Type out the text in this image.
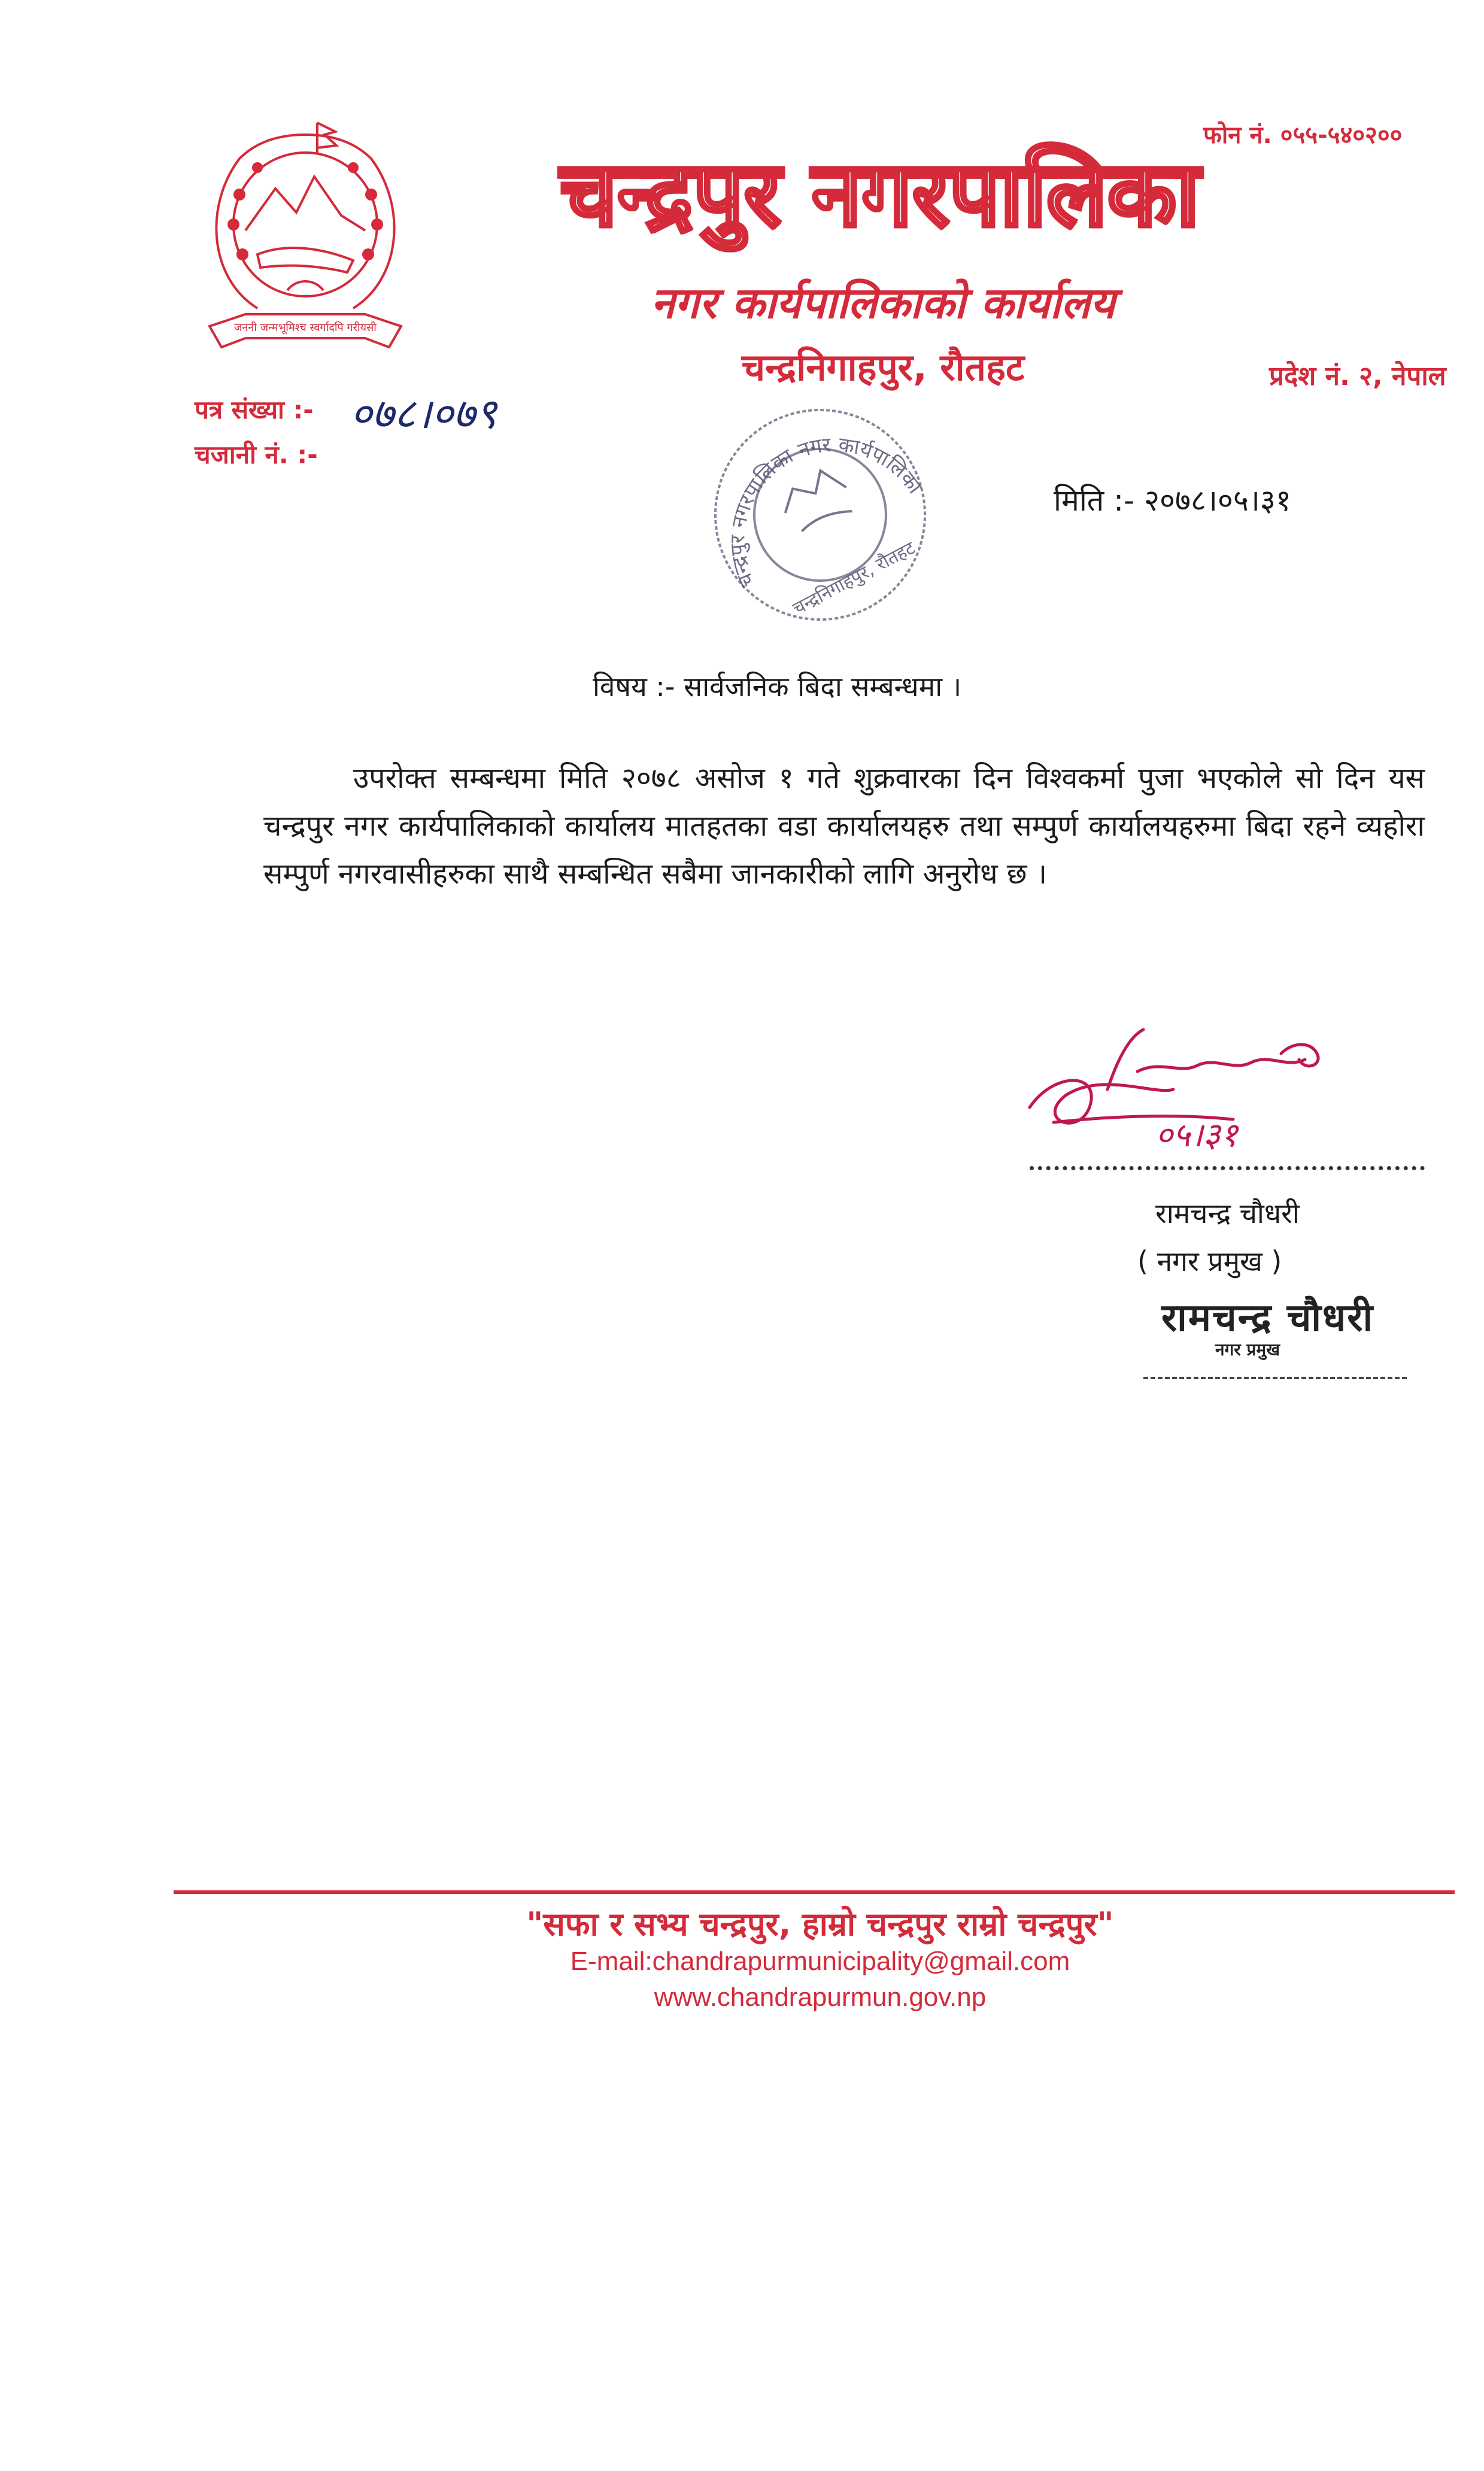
जननी जन्मभूमिश्च स्वर्गादपि गरीयसी
फोन नं. ०५५-५४०२००
चन्द्रपुर नगरपालिका
नगर कार्यपालिकाको कार्यालय
चन्द्रनिगाहपुर, रौतहट	प्रदेश नं. २, नेपाल
पत्र संख्या :- ०७८।०७९
चजानी नं. :-
चन्द्रपुर नगरपालिका नगर कार्यपालिकाको
चन्द्रनिगाहपुर, रौतहट
मिति :- २०७८।०५।३१
विषय :- सार्वजनिक बिदा सम्बन्धमा ।
उपरोक्त सम्बन्धमा मिति २०७८ असोज १ गते शुक्रवारका दिन विश्वकर्मा पुजा भएकोले सो दिन यस चन्द्रपुर नगर कार्यपालिकाको कार्यालय मातहतका वडा कार्यालयहरु तथा सम्पुर्ण कार्यालयहरुमा बिदा रहने व्यहोरा सम्पुर्ण नगरवासीहरुका साथै सम्बन्धित सबैमा जानकारीको लागि अनुरोध छ ।
०५।३१
रामचन्द्र चौधरी
( नगर प्रमुख )
रामचन्द्र चौधरी
नगर प्रमुख
"सफा र सभ्य चन्द्रपुर, हाम्रो चन्द्रपुर राम्रो चन्द्रपुर"
E-mail:chandrapurmunicipality@gmail.com
www.chandrapurmun.gov.np
